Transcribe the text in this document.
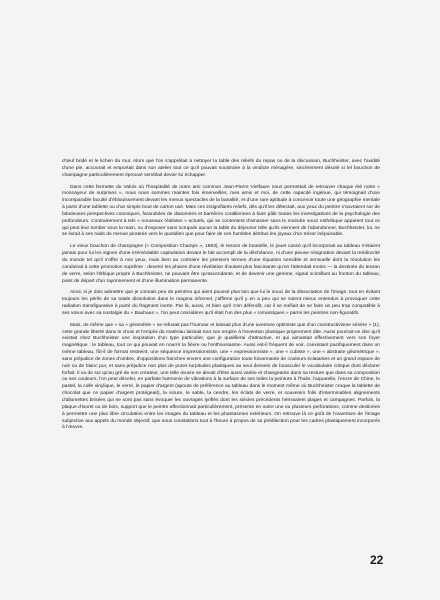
d'œuf bridé et le lichen du mur. Alors que l'on s'apprêtait à nettoyer la table des reliefs du repas ou de la discussion, Buchheister, avec l'avidité d'une pie, accourait et emportait dans son atelier tout ce qu'il pouvait soustraire à la vindicte ménagère, sincèrement désolé si tel bouchon de champagne particulièrement éprouvé semblait devoir lui échapper.

Dans cette fermette du Valois où l'hospitalité de notre ami commun Jean-Pierre Vielfaure nous permettait de retrouver chaque été notre « monnayeur de surprises », nous nous sommes maintes fois émerveillés, mes amis et moi, de cette rapacité ingénue, qui témoignait d'une incomparable faculté d'éblouissement devant les menus spectacles de la banalité, et d'une rare aptitude à concevoir toute une géographie mentale à partir d'une tablette ou d'un simple bout de carton usé. Mais ces insignifiants reliefs, dès qu'il les détectait, aux yeux du peintre s'ouvraient sur de fabuleuses perspectives cosmiques, farandoles de diatomées et barrières coralliennes à faire pâlir toutes les investigations de la psychologie des profondeurs. Contrairement à tels « nouveaux réalistes » actuels, qui se contentent d'amasser sans le moindre souci esthétique apparent tout ce qui peut leur tomber sous la main, ou d'exposer sans scrupule aucun la table du déjeuner telle qu'ils viennent de l'abandonner, Buchheister, lui, ne se livrait à ses raids de menue piraterie vers le quotidien que pour faire de ces humbles détritus les joyaux d'un trésor inépuisable.

Le vieux bouchon de champagne (« Composition Champs », 1963), le tesson de bouteille, le jouet cassé qu'il incorporait au tableau n'étaient jamais pour lui les signes d'une irrémédiable capitulation devant le fait accompli de la déchéance, ni d'une pieuse résignation devant la médiocrité du monde tel qu'il s'offre à nos yeux, mais bien au contraire les premiers termes d'une équation sensible et sensuelle dont la résolution les conduirait à cette promotion suprême : devenir les phares d'une révélation d'autant plus fascinante qu'on l'attendait moins — la destinée du tesson de verre, selon l'éthique propre à Buchheister, ne pouvant être qu'ascendante, et de devenir une gemme, signal scintillant au fronton du tableau, point de départ d'un rayonnement et d'une illumination permanente.

Ainsi, si je dois admettre que je connais peu de peintres qui aient poussé plus loin que lui le souci de la dissociation de l'image, tout en évitant toujours les périls de sa totale dissolution dans le magma informel, j'affirme qu'il y en a peu qui se soient mieux entendus à provoquer cette radiation transfigurative à partir du fragment inerte. Par là, aussi, et bien qu'il s'en défendît, car il se méfiait de se faire un peu trop compatible à ses vœux avec sa nostalgie du « Bauhaus », l'on peut considérer qu'il était l'un des plus « romantiques » parmi les peintres non-figuratifs.

Mais, de même que « sa » géométrie « ne refusait pas l'humour et laissait plus d'une aventure optimiste que d'un constructivisme sévère » (1), cette grande liberté dans le choix et l'emploi du matériau laissait tout son empire à l'invention plastique proprement dite. Aussi pourrait-on dire qu'il existait chez Buchheister une inspiration d'un type particulier, que je qualifierai d'attractive, et qui aimantait effectivement vers son foyer magnétique : le tableau, tout ce qui pouvait en nourrir la fièvre ou l'enthousiasme. Aussi est-il fréquent de voir, coexistant pacifiquement dans un même tableau, fût-il de format restreint, une séquence impressionniste, une « expressionniste », une « cubiste », une « abstraite géométrique », sans préjudice de zones d'ombre, d'oppositions franches envers une configuration toute foisonnante de couleurs éclatantes et un grand espace de noir ou de blanc pur, et sans préjudice non plus de pures turpitudes plastiques au seul dessein de bousculer le vocabulaire critique dont déclarer forfait. Il va de soi qu'au gré de son créateur, une telle œuvre se devait d'être aussi variée et changeante dans sa texture que dans sa composition ou ses couleurs, l'on peut déceler, en parfaite harmonie de vibrations à la surface de ses toiles la peinture à l'huile, l'aquarelle, l'encre de Chine, le pastel, la colle vinylique, le verre, le papier d'argent (apoute de préférence au tableau dans le moment même où Buchheister croque la tablette de chocolat que ce papier d'argent protégeait), la sciure, le sable, la cendre, les éclats de verre, et souvenirs folis d'interminables alignements d'allumettes brisées qui ne sont pas sans évoquer les ouvrages lyrifiés dont les siècles précédents hérissaient plages et campagnes. Parfois, la plaque d'isorel ou de bois, support que le peintre affectionnait particulièrement, présente en outre une ou plusieurs perforations, comme destinées à permettre une plus libre circulation entre les images du tableau et les phantasmes extérieurs. On retrouve là ce goût de l'ouverture de l'image subjective aux appels du monde objectif, que nous constations tout à l'heure à propos de sa prédilection pour les cadres plastiquement incorporés à l'œuvre.

22
